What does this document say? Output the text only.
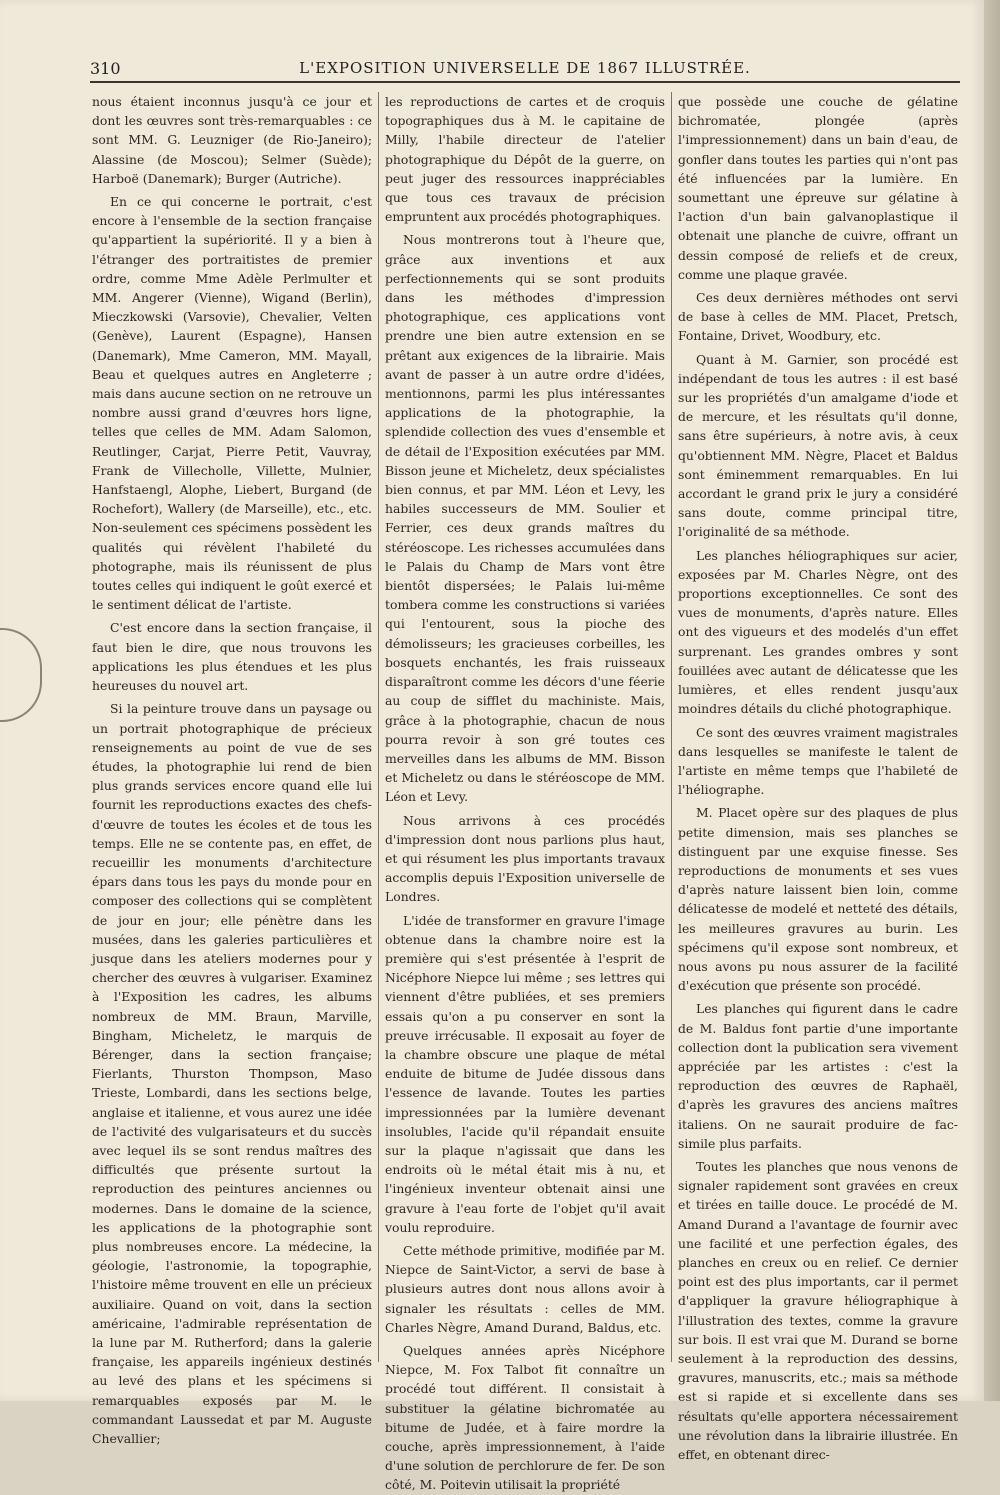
310	L'EXPOSITION UNIVERSELLE DE 1867 ILLUSTRÉE.

nous étaient inconnus jusqu'à ce jour et dont les œuvres sont très-remarquables : ce sont MM. G. Leuzniger (de Rio-Janeiro); Alassine (de Moscou); Selmer (Suède); Harboë (Danemark); Burger (Autriche).

En ce qui concerne le portrait, c'est encore à l'ensemble de la section française qu'appartient la supériorité. Il y a bien à l'étranger des portraitistes de premier ordre, comme Mme Adèle Perlmulter et MM. Angerer (Vienne), Wigand (Berlin), Mieczkowski (Varsovie), Chevalier, Velten (Genève), Laurent (Espagne), Hansen (Danemark), Mme Cameron, MM. Mayall, Beau et quelques autres en Angleterre ; mais dans aucune section on ne retrouve un nombre aussi grand d'œuvres hors ligne, telles que celles de MM. Adam Salomon, Reutlinger, Carjat, Pierre Petit, Vauvray, Frank de Villecholle, Villette, Mulnier, Hanfstaengl, Alophe, Liebert, Burgand (de Rochefort), Wallery (de Marseille), etc., etc. Non-seulement ces spécimens possèdent les qualités qui révèlent l'habileté du photographe, mais ils réunissent de plus toutes celles qui indiquent le goût exercé et le sentiment délicat de l'artiste.

C'est encore dans la section française, il faut bien le dire, que nous trouvons les applications les plus étendues et les plus heureuses du nouvel art.

Si la peinture trouve dans un paysage ou un portrait photographique de précieux renseignements au point de vue de ses études, la photographie lui rend de bien plus grands services encore quand elle lui fournit les reproductions exactes des chefs-d'œuvre de toutes les écoles et de tous les temps. Elle ne se contente pas, en effet, de recueillir les monuments d'architecture épars dans tous les pays du monde pour en composer des collections qui se complètent de jour en jour; elle pénètre dans les musées, dans les galeries particulières et jusque dans les ateliers modernes pour y chercher des œuvres à vulgariser. Examinez à l'Exposition les cadres, les albums nombreux de MM. Braun, Marville, Bingham, Micheletz, le marquis de Bérenger, dans la section française; Fierlants, Thurston Thompson, Maso Trieste, Lombardi, dans les sections belge, anglaise et italienne, et vous aurez une idée de l'activité des vulgarisateurs et du succès avec lequel ils se sont rendus maîtres des difficultés que présente surtout la reproduction des peintures anciennes ou modernes. Dans le domaine de la science, les applications de la photographie sont plus nombreuses encore. La médecine, la géologie, l'astronomie, la topographie, l'histoire même trouvent en elle un précieux auxiliaire. Quand on voit, dans la section américaine, l'admirable représentation de la lune par M. Rutherford; dans la galerie française, les appareils ingénieux destinés au levé des plans et les spécimens si remarquables exposés par M. le commandant Laussedat et par M. Auguste Chevallier;

les reproductions de cartes et de croquis topographiques dus à M. le capitaine de Milly, l'habile directeur de l'atelier photographique du Dépôt de la guerre, on peut juger des ressources inappréciables que tous ces travaux de précision empruntent aux procédés photographiques.

Nous montrerons tout à l'heure que, grâce aux inventions et aux perfectionnements qui se sont produits dans les méthodes d'impression photographique, ces applications vont prendre une bien autre extension en se prêtant aux exigences de la librairie. Mais avant de passer à un autre ordre d'idées, mentionnons, parmi les plus intéressantes applications de la photographie, la splendide collection des vues d'ensemble et de détail de l'Exposition exécutées par MM. Bisson jeune et Micheletz, deux spécialistes bien connus, et par MM. Léon et Levy, les habiles successeurs de MM. Soulier et Ferrier, ces deux grands maîtres du stéréoscope. Les richesses accumulées dans le Palais du Champ de Mars vont être bientôt dispersées; le Palais lui-même tombera comme les constructions si variées qui l'entourent, sous la pioche des démolisseurs; les gracieuses corbeilles, les bosquets enchantés, les frais ruisseaux disparaîtront comme les décors d'une féerie au coup de sifflet du machiniste. Mais, grâce à la photographie, chacun de nous pourra revoir à son gré toutes ces merveilles dans les albums de MM. Bisson et Micheletz ou dans le stéréoscope de MM. Léon et Levy.

Nous arrivons à ces procédés d'impression dont nous parlions plus haut, et qui résument les plus importants travaux accomplis depuis l'Exposition universelle de Londres.

L'idée de transformer en gravure l'image obtenue dans la chambre noire est la première qui s'est présentée à l'esprit de Nicéphore Niepce lui même ; ses lettres qui viennent d'être publiées, et ses premiers essais qu'on a pu conserver en sont la preuve irrécusable. Il exposait au foyer de la chambre obscure une plaque de métal enduite de bitume de Judée dissous dans l'essence de lavande. Toutes les parties impressionnées par la lumière devenant insolubles, l'acide qu'il répandait ensuite sur la plaque n'agissait que dans les endroits où le métal était mis à nu, et l'ingénieux inventeur obtenait ainsi une gravure à l'eau forte de l'objet qu'il avait voulu reproduire.

Cette méthode primitive, modifiée par M. Niepce de Saint-Victor, a servi de base à plusieurs autres dont nous allons avoir à signaler les résultats : celles de MM. Charles Nègre, Amand Durand, Baldus, etc.

Quelques années après Nicéphore Niepce, M. Fox Talbot fit connaître un procédé tout différent. Il consistait à substituer la gélatine bichromatée au bitume de Judée, et à faire mordre la couche, après impressionnement, à l'aide d'une solution de perchlorure de fer. De son côté, M. Poitevin utilisait la propriété

que possède une couche de gélatine bichromatée, plongée (après l'impressionnement) dans un bain d'eau, de gonfler dans toutes les parties qui n'ont pas été influencées par la lumière. En soumettant une épreuve sur gélatine à l'action d'un bain galvanoplastique il obtenait une planche de cuivre, offrant un dessin composé de reliefs et de creux, comme une plaque gravée.

Ces deux dernières méthodes ont servi de base à celles de MM. Placet, Pretsch, Fontaine, Drivet, Woodbury, etc.

Quant à M. Garnier, son procédé est indépendant de tous les autres : il est basé sur les propriétés d'un amalgame d'iode et de mercure, et les résultats qu'il donne, sans être supérieurs, à notre avis, à ceux qu'obtiennent MM. Nègre, Placet et Baldus sont éminemment remarquables. En lui accordant le grand prix le jury a considéré sans doute, comme principal titre, l'originalité de sa méthode.

Les planches héliographiques sur acier, exposées par M. Charles Nègre, ont des proportions exceptionnelles. Ce sont des vues de monuments, d'après nature. Elles ont des vigueurs et des modelés d'un effet surprenant. Les grandes ombres y sont fouillées avec autant de délicatesse que les lumières, et elles rendent jusqu'aux moindres détails du cliché photographique.

Ce sont des œuvres vraiment magistrales dans lesquelles se manifeste le talent de l'artiste en même temps que l'habileté de l'héliographe.

M. Placet opère sur des plaques de plus petite dimension, mais ses planches se distinguent par une exquise finesse. Ses reproductions de monuments et ses vues d'après nature laissent bien loin, comme délicatesse de modelé et netteté des détails, les meilleures gravures au burin. Les spécimens qu'il expose sont nombreux, et nous avons pu nous assurer de la facilité d'exécution que présente son procédé.

Les planches qui figurent dans le cadre de M. Baldus font partie d'une importante collection dont la publication sera vivement appréciée par les artistes : c'est la reproduction des œuvres de Raphaël, d'après les gravures des anciens maîtres italiens. On ne saurait produire de fac-simile plus parfaits.

Toutes les planches que nous venons de signaler rapidement sont gravées en creux et tirées en taille douce. Le procédé de M. Amand Durand a l'avantage de fournir avec une facilité et une perfection égales, des planches en creux ou en relief. Ce dernier point est des plus importants, car il permet d'appliquer la gravure héliographique à l'illustration des textes, comme la gravure sur bois. Il est vrai que M. Durand se borne seulement à la reproduction des dessins, gravures, manuscrits, etc.; mais sa méthode est si rapide et si excellente dans ses résultats qu'elle apportera nécessairement une révolution dans la librairie illustrée. En effet, en obtenant direc-
